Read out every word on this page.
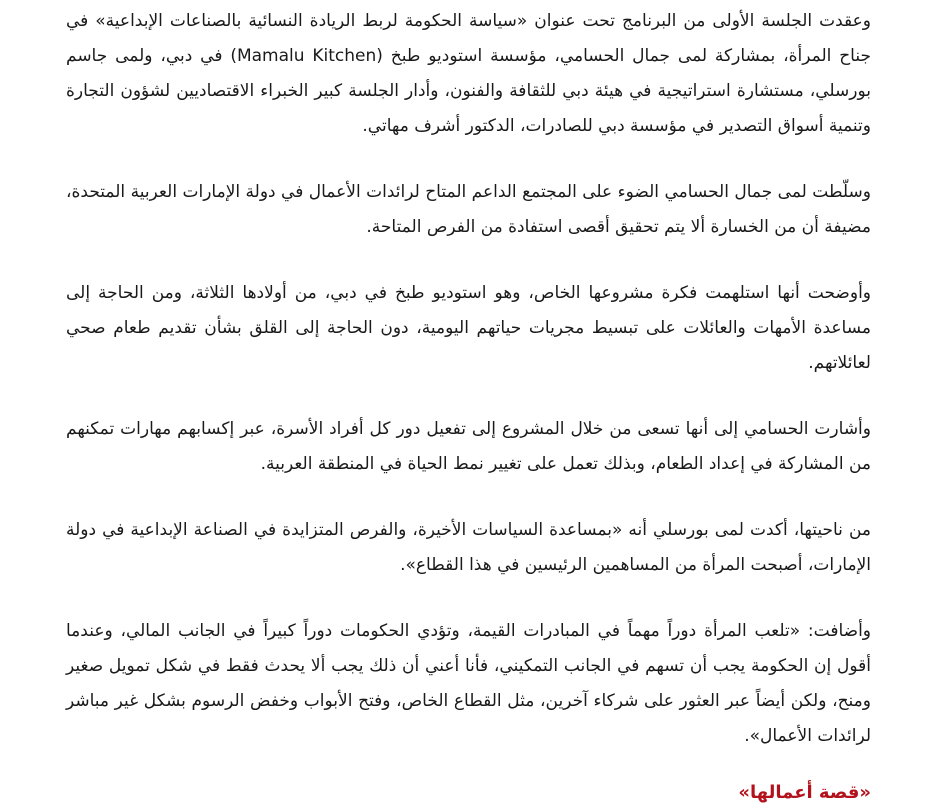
وعقدت الجلسة الأولى من البرنامج تحت عنوان «سياسة الحكومة لربط الريادة النسائية بالصناعات الإبداعية» في جناح المرأة، بمشاركة لمى جمال الحسامي، مؤسسة استوديو طبخ (Mamalu Kitchen) في دبي، ولمى جاسم بورسلي، مستشارة استراتيجية في هيئة دبي للثقافة والفنون، وأدار الجلسة كبير الخبراء الاقتصاديين لشؤون التجارة وتنمية أسواق التصدير في مؤسسة دبي للصادرات، الدكتور أشرف مهاتي.

وسلّطت لمى جمال الحسامي الضوء على المجتمع الداعم المتاح لرائدات الأعمال في دولة الإمارات العربية المتحدة، مضيفة أن من الخسارة ألا يتم تحقيق أقصى استفادة من الفرص المتاحة.

وأوضحت أنها استلهمت فكرة مشروعها الخاص، وهو استوديو طبخ في دبي، من أولادها الثلاثة، ومن الحاجة إلى مساعدة الأمهات والعائلات على تبسيط مجريات حياتهم اليومية، دون الحاجة إلى القلق بشأن تقديم طعام صحي لعائلاتهم.

وأشارت الحسامي إلى أنها تسعى من خلال المشروع إلى تفعيل دور كل أفراد الأسرة، عبر إكسابهم مهارات تمكنهم من المشاركة في إعداد الطعام، وبذلك تعمل على تغيير نمط الحياة في المنطقة العربية.

من ناحيتها، أكدت لمى بورسلي أنه «بمساعدة السياسات الأخيرة، والفرص المتزايدة في الصناعة الإبداعية في دولة الإمارات، أصبحت المرأة من المساهمين الرئيسين في هذا القطاع».

وأضافت: «تلعب المرأة دوراً مهماً في المبادرات القيمة، وتؤدي الحكومات دوراً كبيراً في الجانب المالي، وعندما أقول إن الحكومة يجب أن تسهم في الجانب التمكيني، فأنا أعني أن ذلك يجب ألا يحدث فقط في شكل تمويل صغير ومنح، ولكن أيضاً عبر العثور على شركاء آخرين، مثل القطاع الخاص، وفتح الأبواب وخفض الرسوم بشكل غير مباشر لرائدات الأعمال».

«قصة أعمالها»
